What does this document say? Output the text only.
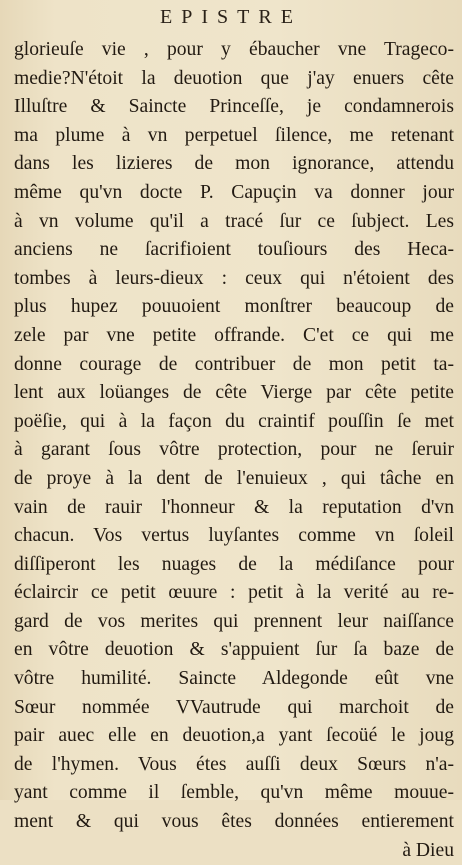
EPISTRE
glorieuſe vie , pour y ébaucher vne Trageco-
medie?N'étoit la deuotion que j'ay enuers cête
Illuſtre & Saincte Princeſſe, je condamnerois
ma plume à vn perpetuel ſilence, me retenant
dans les lizieres de mon ignorance, attendu
même qu'vn docte P. Capuçin va donner jour
à vn volume qu'il a tracé ſur ce ſubject. Les
anciens ne ſacrifioient touſiours des Heca-
tombes à leurs-dieux : ceux qui n'étoient des
plus hupez pouuoient monſtrer beaucoup de
zele par vne petite offrande. C'et ce qui me
donne courage de contribuer de mon petit ta-
lent aux loüanges de cête Vierge par cête petite
poëſie, qui à la façon du craintif pouſſin ſe met
à garant ſous vôtre protection, pour ne ſeruir
de proye à la dent de l'enuieux , qui tâche en
vain de rauir l'honneur & la reputation d'vn
chacun. Vos vertus luyſantes comme vn ſoleil
diſſiperont les nuages de la médiſance pour
éclaircir ce petit œuure : petit à la verité au re-
gard de vos merites qui prennent leur naiſſance
en vôtre deuotion & s'appuient ſur ſa baze de
vôtre humilité. Saincte Aldegonde eût vne
Sœur nommée VVautrude qui marchoit de
pair auec elle en deuotion,a yant ſecoüé le joug
de l'hymen. Vous étes auſſi deux Sœurs n'a-
yant comme il ſemble, qu'vn même mouue-
ment & qui vous êtes données entierement
à Dieu
